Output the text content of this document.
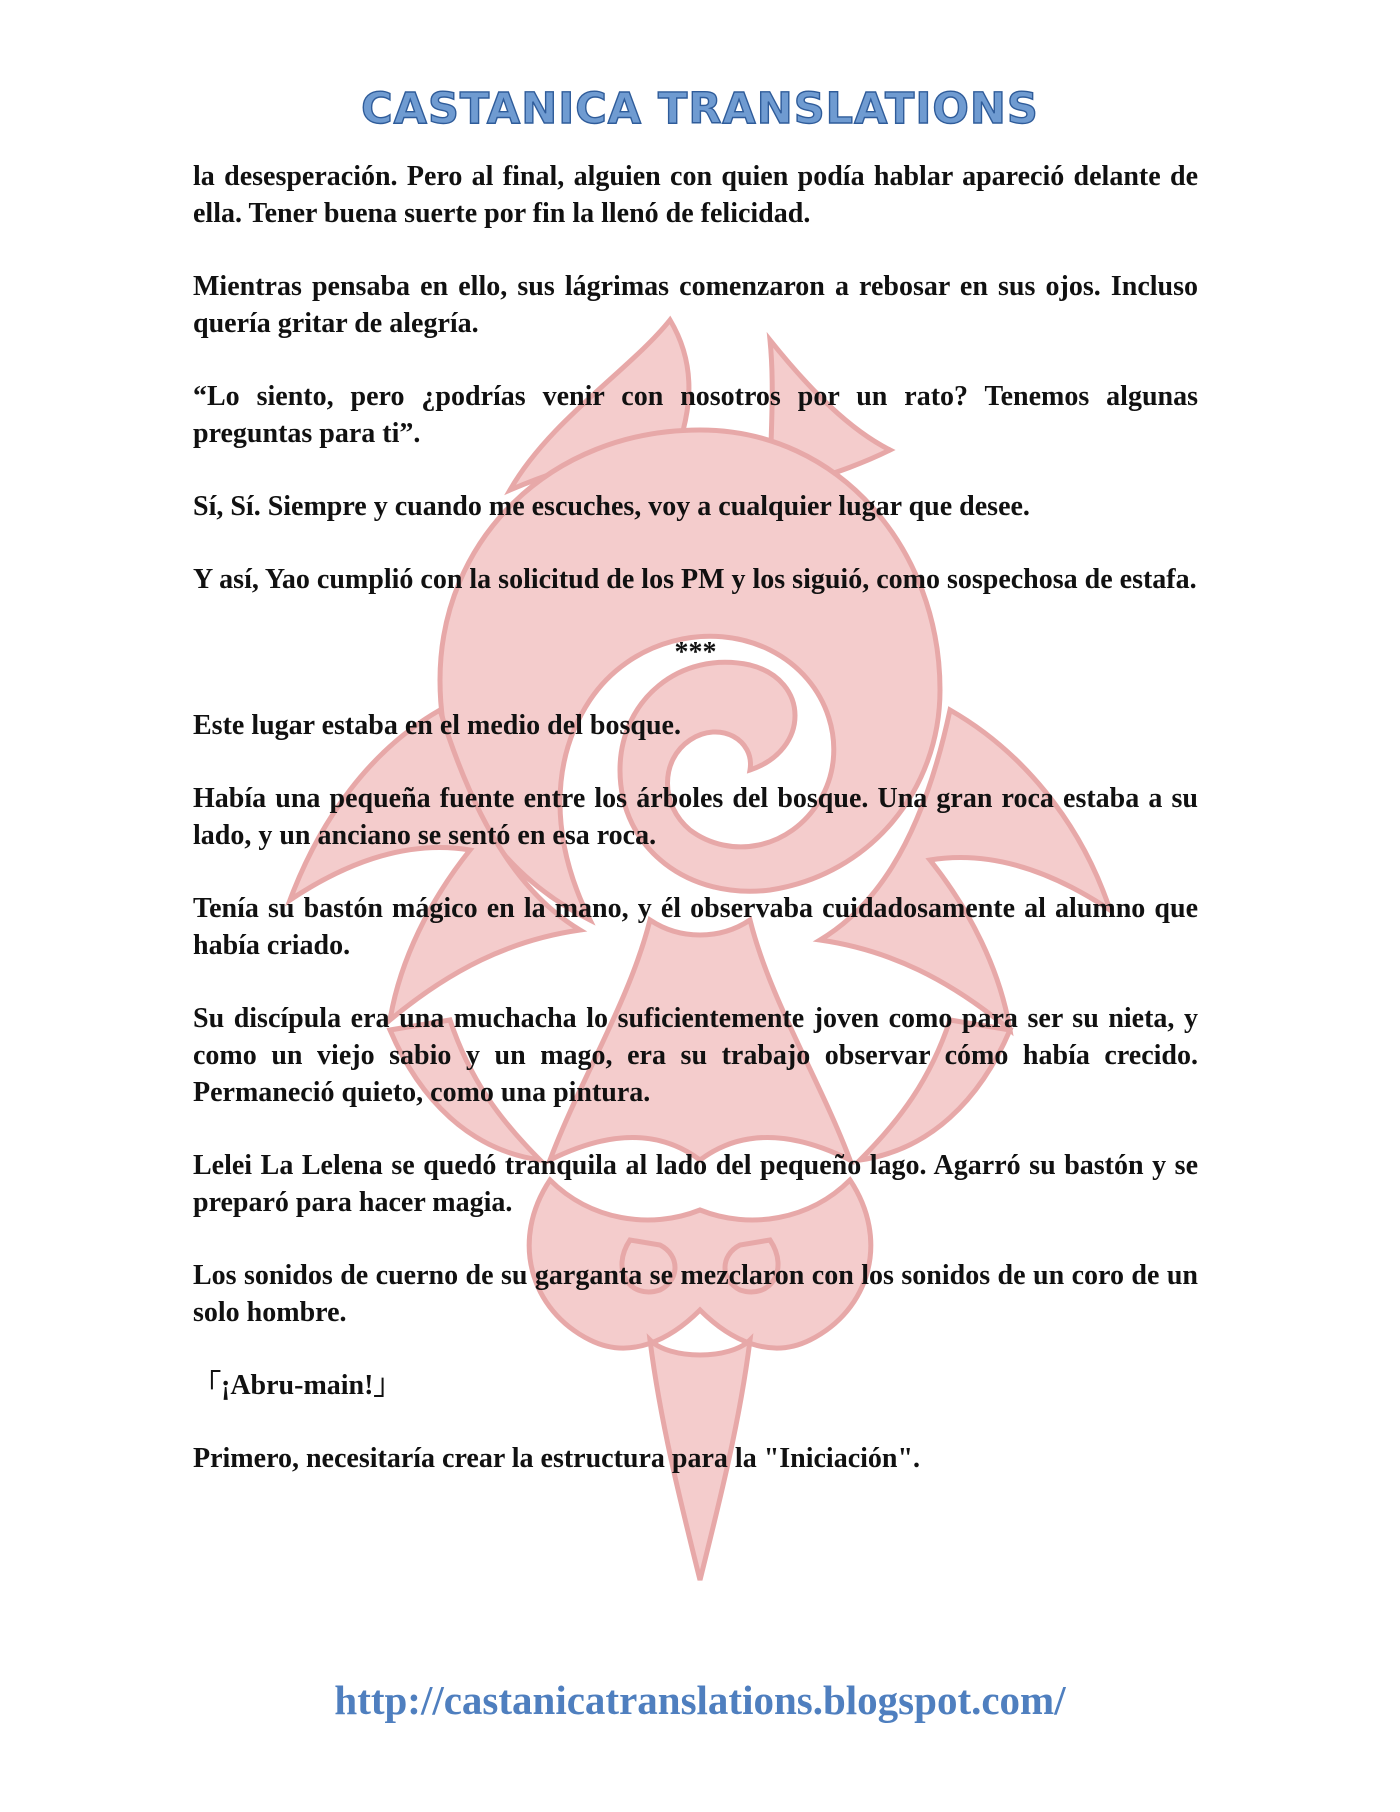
CASTANICA TRANSLATIONS

la desesperación. Pero al final, alguien con quien podía hablar apareció delante de ella. Tener buena suerte por fin la llenó de felicidad.

Mientras pensaba en ello, sus lágrimas comenzaron a rebosar en sus ojos. Incluso quería gritar de alegría.

“Lo siento, pero ¿podrías venir con nosotros por un rato? Tenemos algunas preguntas para ti”.

Sí, Sí. Siempre y cuando me escuches, voy a cualquier lugar que desee.

Y así, Yao cumplió con la solicitud de los PM y los siguió, como sospechosa de estafa.

***

Este lugar estaba en el medio del bosque.

Había una pequeña fuente entre los árboles del bosque. Una gran roca estaba a su lado, y un anciano se sentó en esa roca.

Tenía su bastón mágico en la mano, y él observaba cuidadosamente al alumno que había criado.

Su discípula era una muchacha lo suficientemente joven como para ser su nieta, y como un viejo sabio y un mago, era su trabajo observar cómo había crecido. Permaneció quieto, como una pintura.

Lelei La Lelena se quedó tranquila al lado del pequeño lago. Agarró su bastón y se preparó para hacer magia.

Los sonidos de cuerno de su garganta se mezclaron con los sonidos de un coro de un solo hombre.

「¡Abru-main!」

Primero, necesitaría crear la estructura para la "Iniciación".

http://castanicatranslations.blogspot.com/
